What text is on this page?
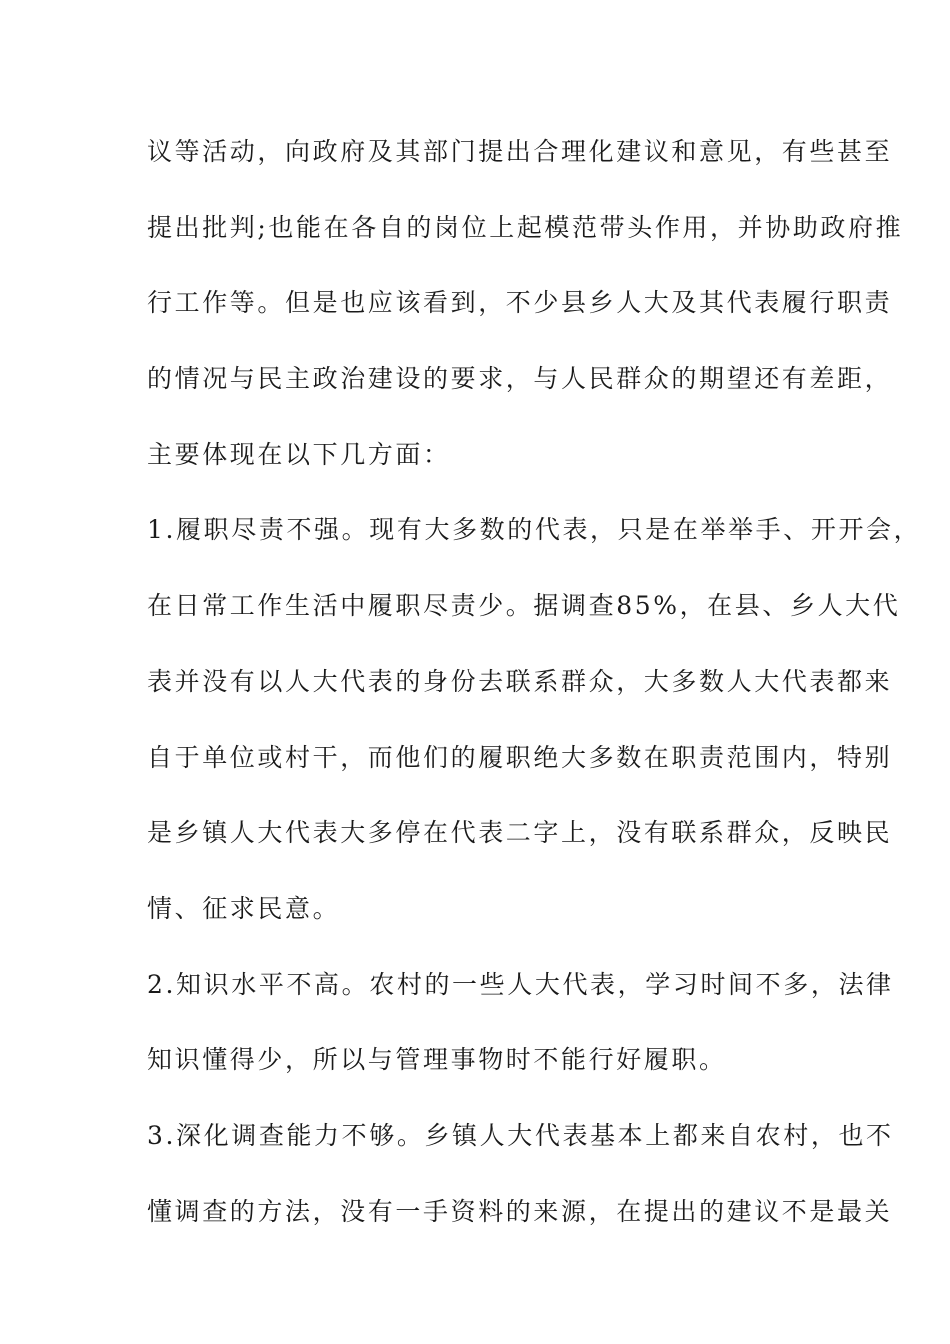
议等活动，向政府及其部门提出合理化建议和意见，有些甚至
提出批判;也能在各自的岗位上起模范带头作用，并协助政府推
行工作等。但是也应该看到，不少县乡人大及其代表履行职责
的情况与民主政治建设的要求，与人民群众的期望还有差距，
主要体现在以下几方面：
1.履职尽责不强。现有大多数的代表，只是在举举手、开开会，
在日常工作生活中履职尽责少。据调查85%，在县、乡人大代
表并没有以人大代表的身份去联系群众，大多数人大代表都来
自于单位或村干，而他们的履职绝大多数在职责范围内，特别
是乡镇人大代表大多停在代表二字上，没有联系群众，反映民
情、征求民意。
2.知识水平不高。农村的一些人大代表，学习时间不多，法律
知识懂得少，所以与管理事物时不能行好履职。
3.深化调查能力不够。乡镇人大代表基本上都来自农村，也不
懂调查的方法，没有一手资料的来源，在提出的建议不是最关
